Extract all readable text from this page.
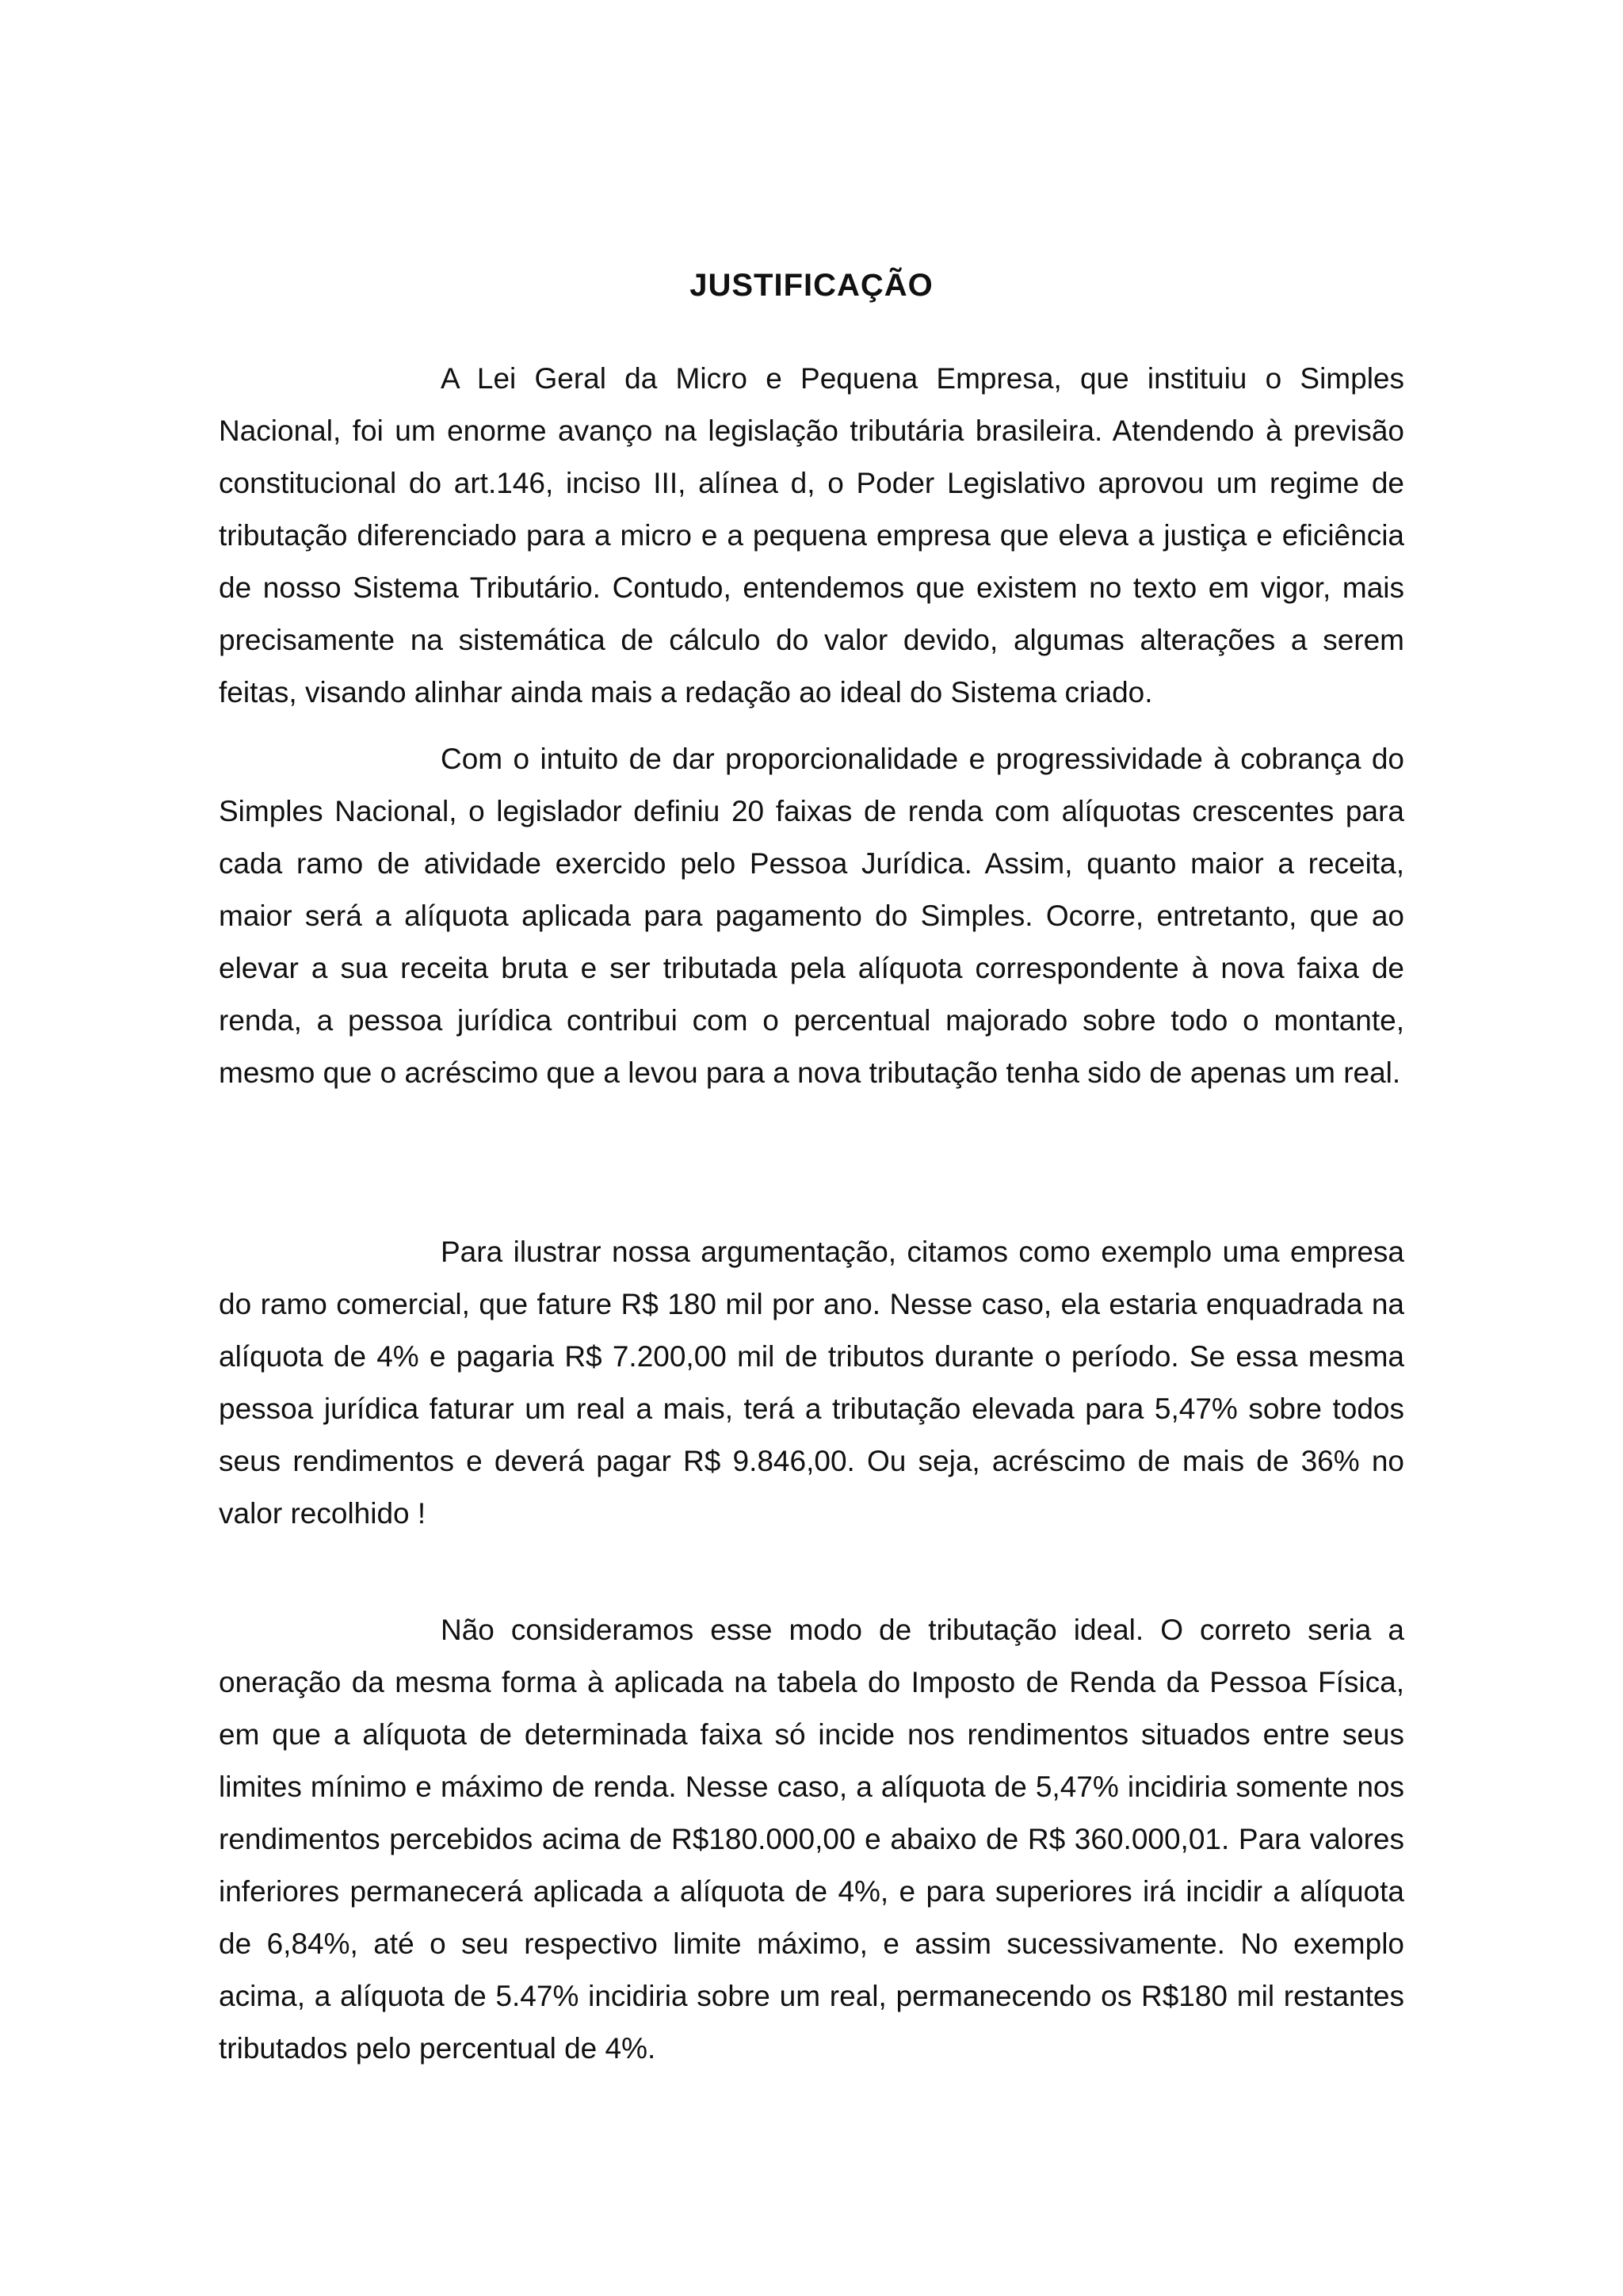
JUSTIFICAÇÃO

A Lei Geral da Micro e Pequena Empresa, que instituiu o Simples Nacional, foi um enorme avanço na legislação tributária brasileira. Atendendo à previsão constitucional do art.146, inciso III, alínea d, o Poder Legislativo aprovou um regime de tributação diferenciado para a micro e a pequena empresa que eleva a justiça e eficiência de nosso Sistema Tributário. Contudo, entendemos que existem no texto em vigor, mais precisamente na sistemática de cálculo do valor devido, algumas alterações a serem feitas, visando alinhar ainda mais a redação ao ideal do Sistema criado.

Com o intuito de dar proporcionalidade e progressividade à cobrança do Simples Nacional, o legislador definiu 20 faixas de renda com alíquotas crescentes para cada ramo de atividade exercido pelo Pessoa Jurídica. Assim, quanto maior a receita, maior será a alíquota aplicada para pagamento do Simples. Ocorre, entretanto, que ao elevar a sua receita bruta e ser tributada pela alíquota correspondente à nova faixa de renda, a pessoa jurídica contribui com o percentual majorado sobre todo o montante, mesmo que o acréscimo que a levou para a nova tributação tenha sido de apenas um real.

Para ilustrar nossa argumentação, citamos como exemplo uma empresa do ramo comercial, que fature R$ 180 mil por ano. Nesse caso, ela estaria enquadrada na alíquota de 4% e pagaria R$ 7.200,00 mil de tributos durante o período. Se essa mesma pessoa jurídica faturar um real a mais, terá a tributação elevada para 5,47% sobre todos seus rendimentos e deverá pagar R$ 9.846,00. Ou seja, acréscimo de mais de 36% no valor recolhido !

Não consideramos esse modo de tributação ideal. O correto seria a oneração da mesma forma à aplicada na tabela do Imposto de Renda da Pessoa Física, em que a alíquota de determinada faixa só incide nos rendimentos situados entre seus limites mínimo e máximo de renda. Nesse caso, a alíquota de 5,47% incidiria somente nos rendimentos percebidos acima de R$180.000,00 e abaixo de R$ 360.000,01. Para valores inferiores permanecerá aplicada a alíquota de 4%, e para superiores irá incidir a alíquota de 6,84%, até o seu respectivo limite máximo, e assim sucessivamente. No exemplo acima, a alíquota de 5.47% incidiria sobre um real, permanecendo os R$180 mil restantes tributados pelo percentual de 4%.
